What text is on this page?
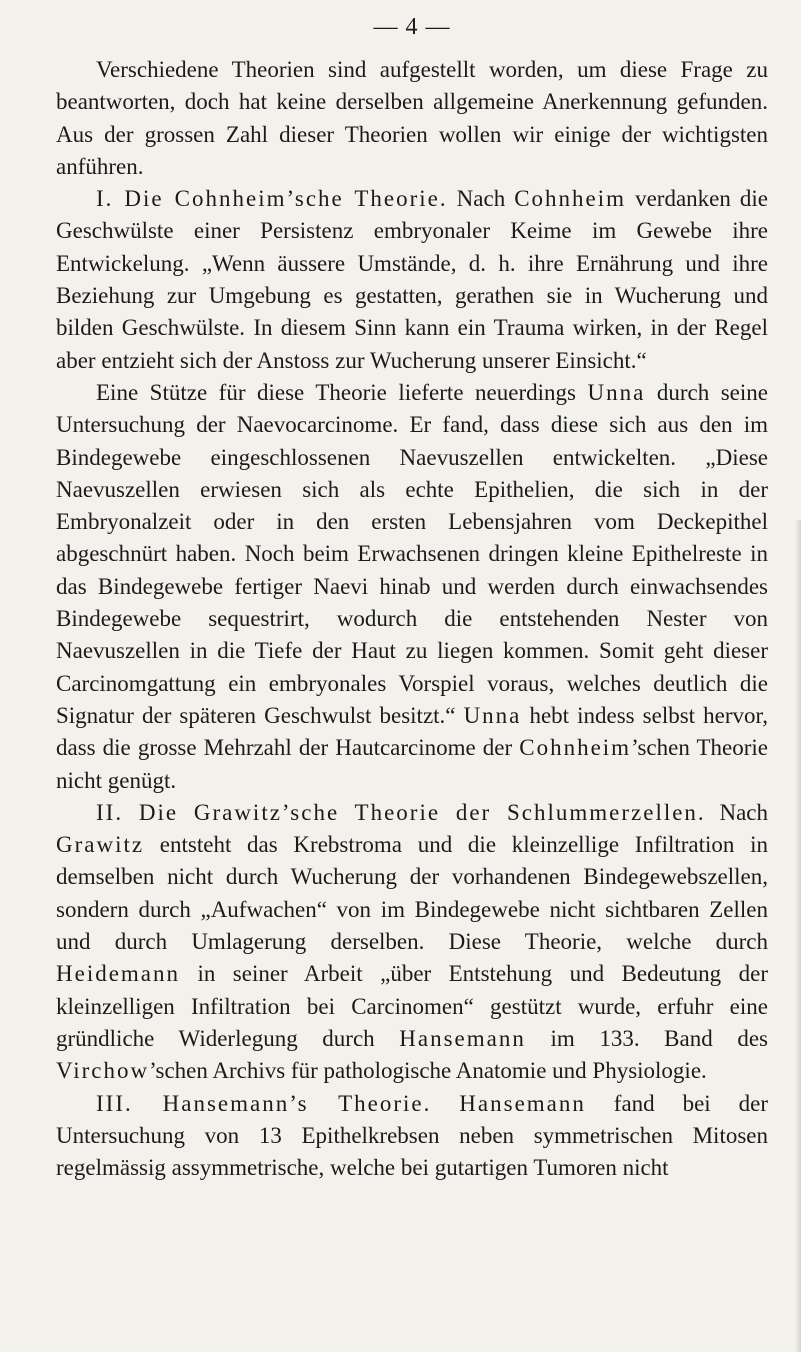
— 4 —

Verschiedene Theorien sind aufgestellt worden, um diese Frage zu beantworten, doch hat keine derselben allgemeine Anerkennung gefunden. Aus der grossen Zahl dieser Theorien wollen wir einige der wichtigsten anführen.

I. Die Cohnheim’sche Theorie. Nach Cohnheim verdanken die Geschwülste einer Persistenz embryonaler Keime im Gewebe ihre Entwickelung. „Wenn äussere Umstände, d. h. ihre Ernährung und ihre Beziehung zur Umgebung es gestatten, gerathen sie in Wucherung und bilden Geschwülste. In diesem Sinn kann ein Trauma wirken, in der Regel aber entzieht sich der Anstoss zur Wucherung unserer Einsicht.“

Eine Stütze für diese Theorie lieferte neuerdings Unna durch seine Untersuchung der Naevocarcinome. Er fand, dass diese sich aus den im Bindegewebe eingeschlossenen Naevuszellen entwickelten. „Diese Naevuszellen erwiesen sich als echte Epithelien, die sich in der Embryonalzeit oder in den ersten Lebensjahren vom Deckepithel abgeschnürt haben. Noch beim Erwachsenen dringen kleine Epithelreste in das Bindegewebe fertiger Naevi hinab und werden durch einwachsendes Bindegewebe sequestrirt, wodurch die entstehenden Nester von Naevuszellen in die Tiefe der Haut zu liegen kommen. Somit geht dieser Carcinomgattung ein embryonales Vorspiel voraus, welches deutlich die Signatur der späteren Geschwulst besitzt.“ Unna hebt indess selbst hervor, dass die grosse Mehrzahl der Hautcarcinome der Cohnheim’schen Theorie nicht genügt.

II. Die Grawitz’sche Theorie der Schlummerzellen. Nach Grawitz entsteht das Krebstroma und die kleinzellige Infiltration in demselben nicht durch Wucherung der vorhandenen Bindegewebszellen, sondern durch „Aufwachen“ von im Bindegewebe nicht sichtbaren Zellen und durch Umlagerung derselben. Diese Theorie, welche durch Heidemann in seiner Arbeit „über Entstehung und Bedeutung der kleinzelligen Infiltration bei Carcinomen“ gestützt wurde, erfuhr eine gründliche Widerlegung durch Hansemann im 133. Band des Virchow’schen Archivs für pathologische Anatomie und Physiologie.

III. Hansemann’s Theorie. Hansemann fand bei der Untersuchung von 13 Epithelkrebsen neben symmetrischen Mitosen regelmässig assymmetrische, welche bei gutartigen Tumoren nicht
